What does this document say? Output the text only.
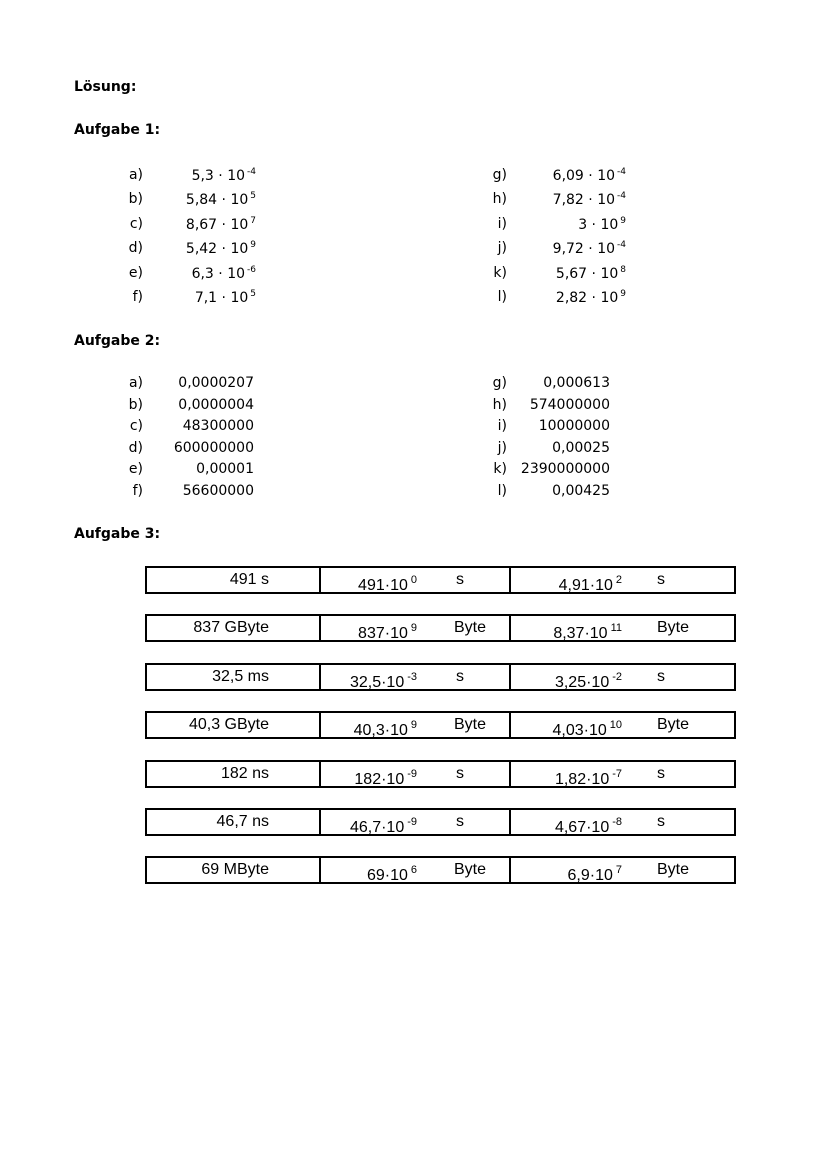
Lösung:
Aufgabe 1:
a)	5,3 · 10 $^{-4}$
b)	5,84 · 10 $^5$
c)	8,67 · 10 $^7$
d)	5,42 · 10 $^9$
e)	6,3 · 10 $^{-6}$
f)	7,1 · 10 $^5$
g)	6,09 · 10 $^{-4}$
h)	7,82 · 10 $^{-4}$
i)	3 · 10 $^9$
j)	9,72 · 10 $^{-4}$
k)	5,67 · 10 $^8$
l)	2,82 · 10 $^9$
Aufgabe 2:
a)	0,0000207
b)	0,0000004
c)	48300000
d)	600000000
e)	0,00001
f)	56600000
g)	0,000613
h)	574000000
i)	10000000
j)	0,00025
k) 2390000000
l)	0,00425
Aufgabe 3:
491 s	491·10 $^0$ s	4,91·10 $^2$ s
837 GByte	837·10 $^9$ Byte	8,37·10 $^{11}$ Byte
32,5 ms	32,5·10 $^{-3}$ s	3,25·10 $^{-2}$ s
40,3 GByte	40,3·10 $^9$ Byte	4,03·10 $^{10}$ Byte
182 ns	182·10 $^{-9}$ s	1,82·10 $^{-7}$ s
46,7 ns	46,7·10 $^{-9}$ s	4,67·10 $^{-8}$ s
69 MByte	69·10 $^6$ Byte	6,9·10 $^7$ Byte
